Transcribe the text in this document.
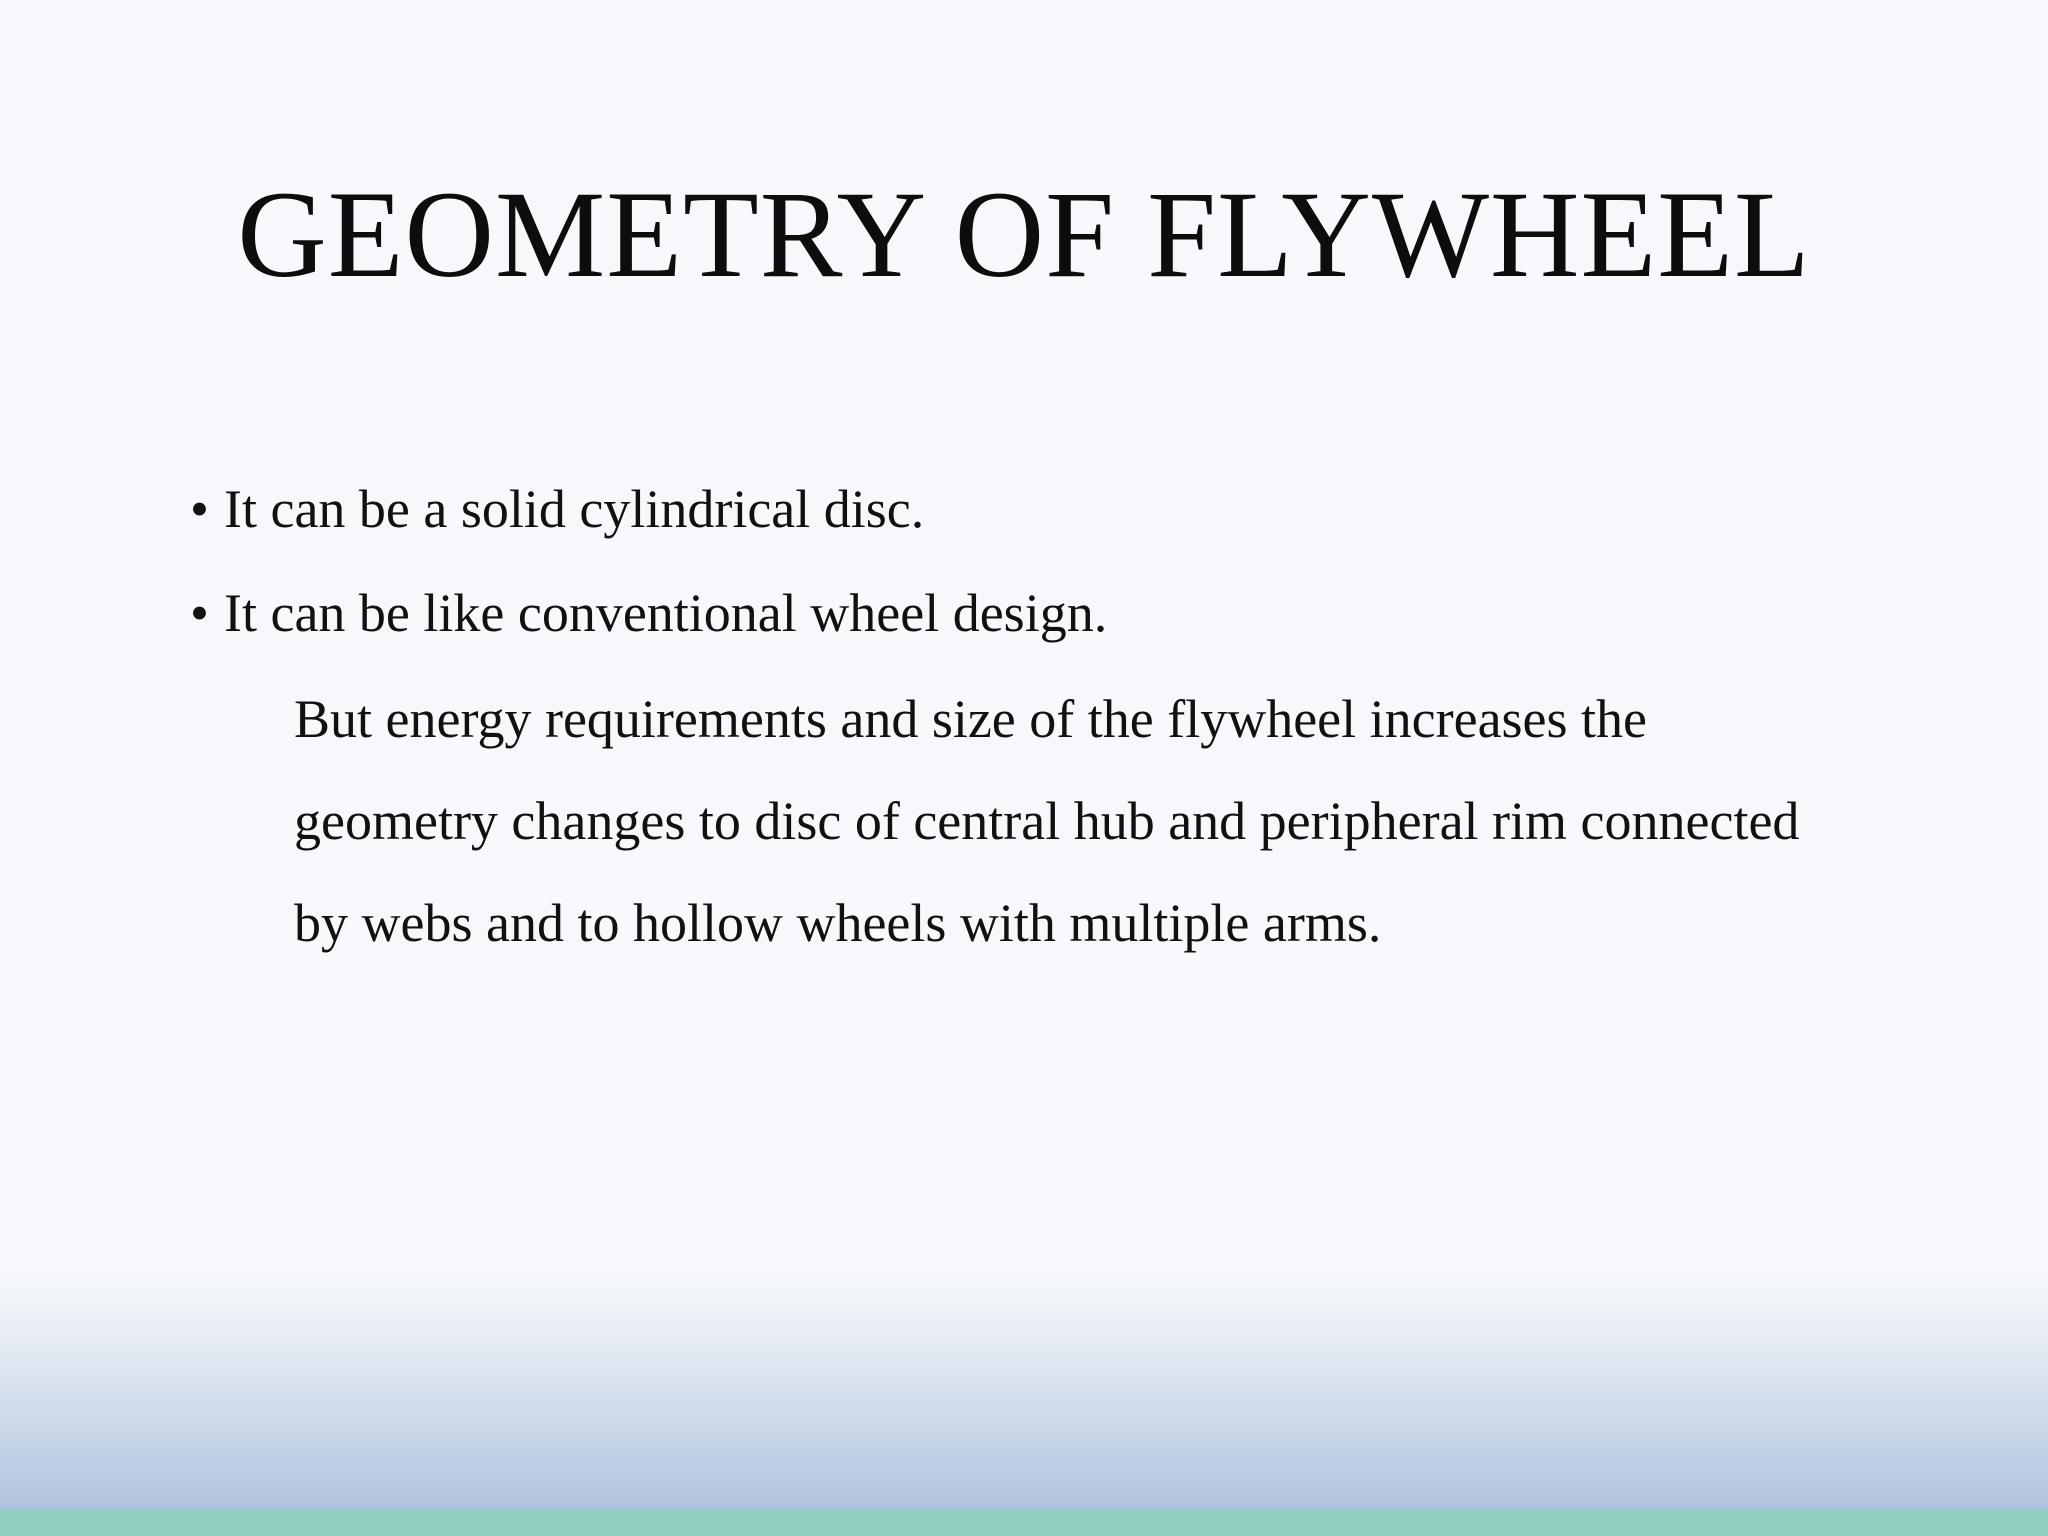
GEOMETRY OF FLYWHEEL
• It can be a solid cylindrical disc.
• It can be like conventional wheel design.

But energy requirements and size of the flywheel increases the
geometry changes to disc of central hub and peripheral rim connected
by webs and to hollow wheels with multiple arms.
